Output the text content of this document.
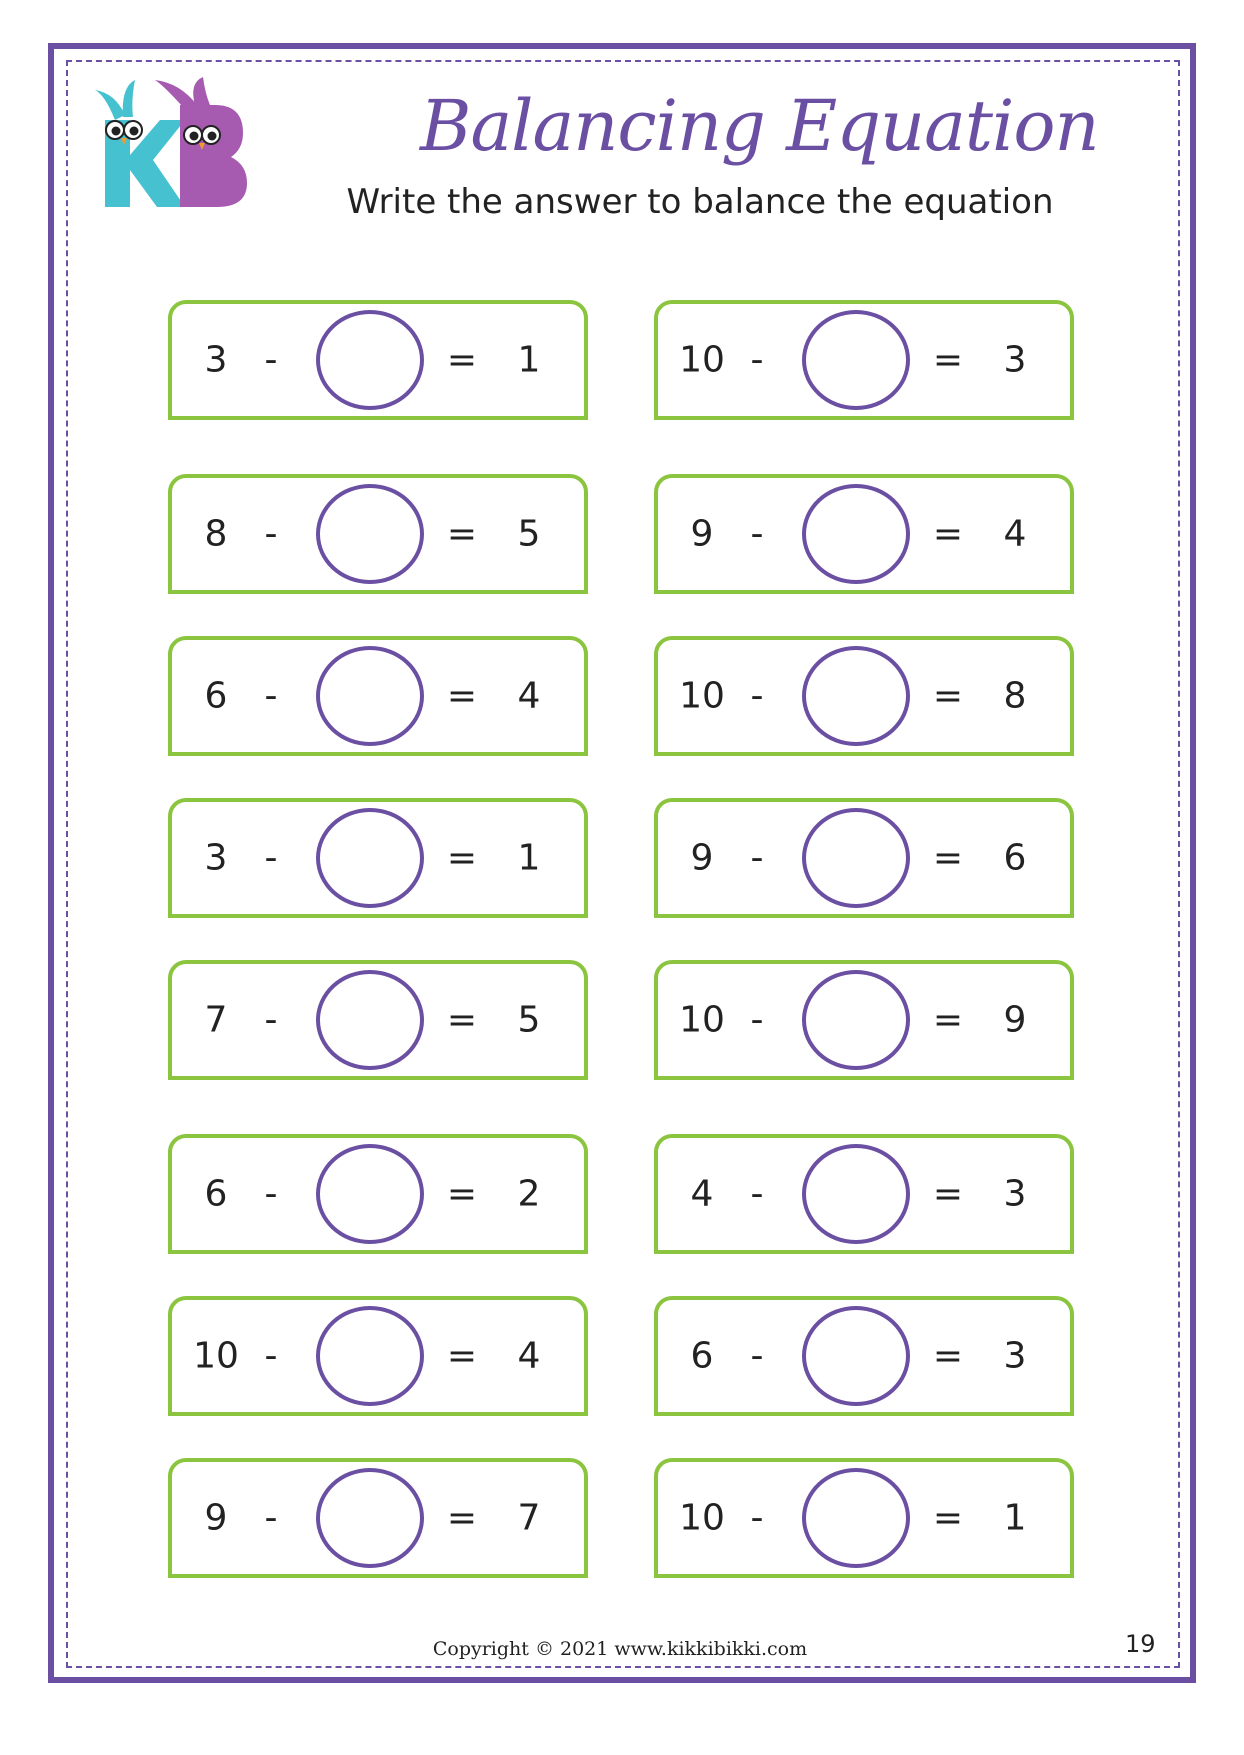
Balancing Equation
Write the answer to balance the equation
3 -	= 1	10 -	= 3
8 -	= 5	9 -	= 4
6 -	= 4	10 -	= 8
3 -	= 1	9 -	= 6
7 -	= 5	10 -	= 9
6 -	= 2	4 -	= 3
10 -	= 4	6 -	= 3
9 -	= 7	10 -	= 1
Copyright © 2021 www.kikkibikki.com	19
